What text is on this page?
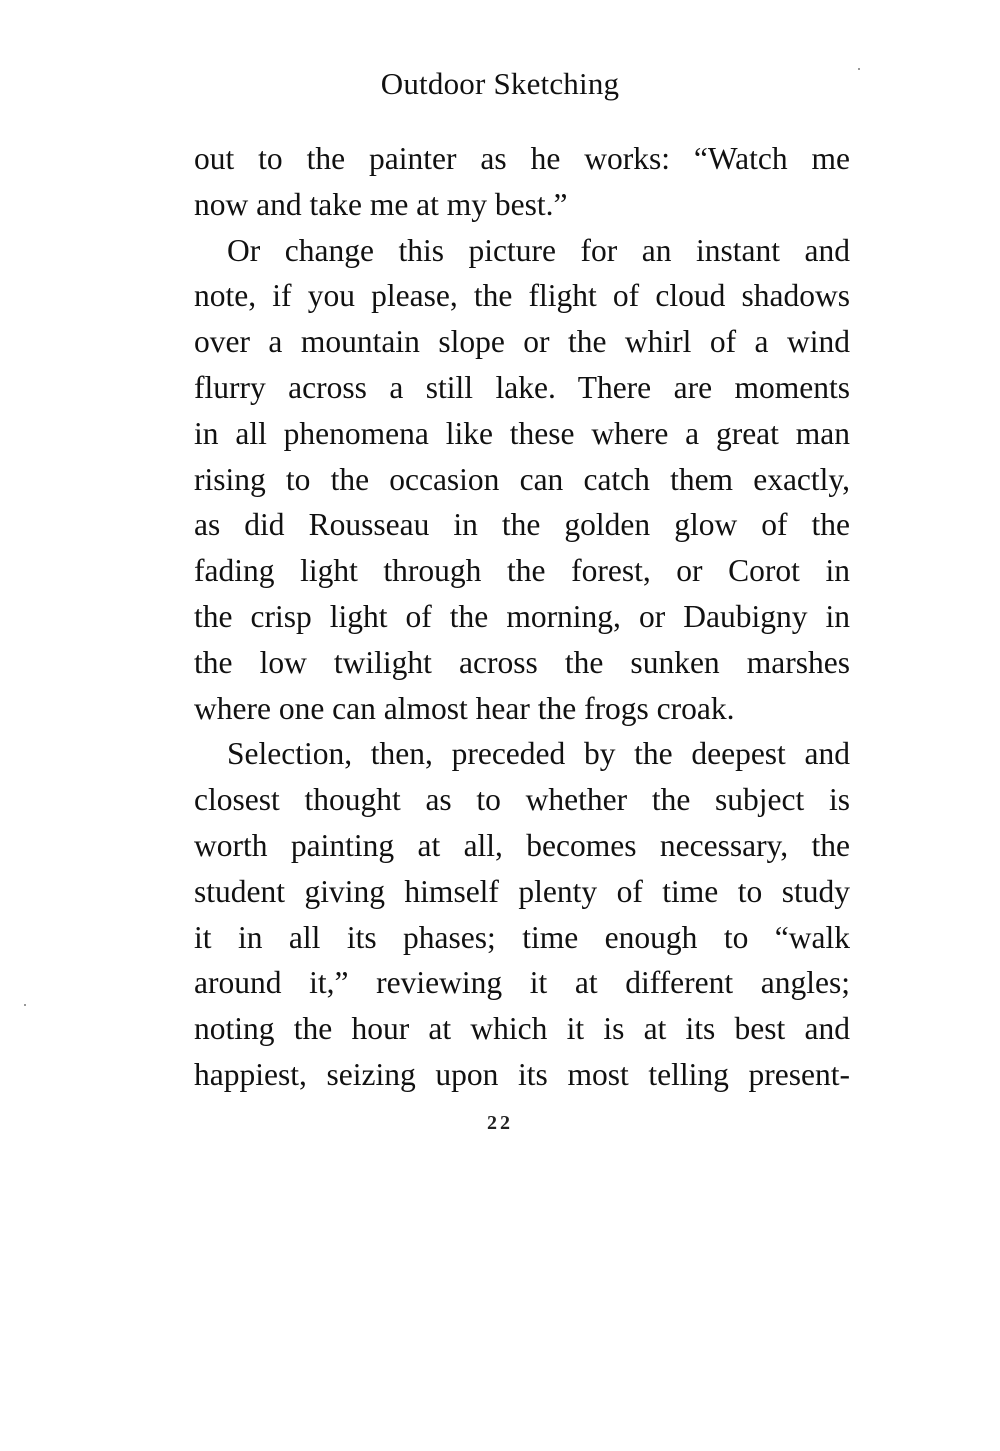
Outdoor Sketching
out to the painter as he works: “Watch me
now and take me at my best.”
Or change this picture for an instant and
note, if you please, the flight of cloud shadows
over a mountain slope or the whirl of a wind
flurry across a still lake. There are moments
in all phenomena like these where a great man
rising to the occasion can catch them exactly,
as did Rousseau in the golden glow of the
fading light through the forest, or Corot in
the crisp light of the morning, or Daubigny in
the low twilight across the sunken marshes
where one can almost hear the frogs croak.
Selection, then, preceded by the deepest and
closest thought as to whether the subject is
worth painting at all, becomes necessary, the
student giving himself plenty of time to study
it in all its phases; time enough to “walk
around it,” reviewing it at different angles;
noting the hour at which it is at its best and
happiest, seizing upon its most telling present-
22
